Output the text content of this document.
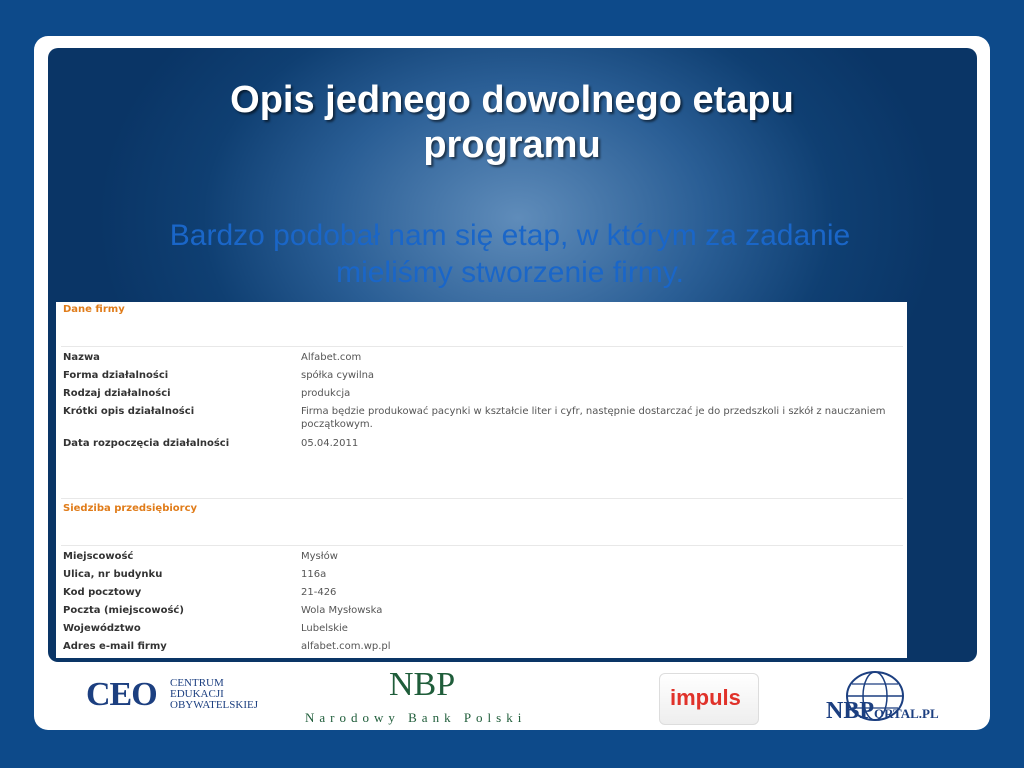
Opis jednego dowolnego etapu
programu
Bardzo podobał nam się etap, w którym za zadanie
mieliśmy stworzenie firmy.
Dane firmy
Nazwa	Alfabet.com
Forma działalności	spółka cywilna
Rodzaj działalności	produkcja
Krótki opis działalności	Firma będzie produkować pacynki w kształcie liter i cyfr, następnie dostarczać je do przedszkoli i szkół z nauczaniem początkowym.
Data rozpoczęcia działalności	05.04.2011
Siedziba przedsiębiorcy
Miejscowość	Mysłów
Ulica, nr budynku	116a
Kod pocztowy	21-426
Poczta (miejscowość)	Wola Mysłowska
Województwo	Lubelskie
Adres e-mail firmy	alfabet.com.wp.pl
CEO CENTRUM
EDUKACJI
OBYWATELSKIEJ
NBP
Narodowy Bank Polski
impuls
NBPORTAL.PL
